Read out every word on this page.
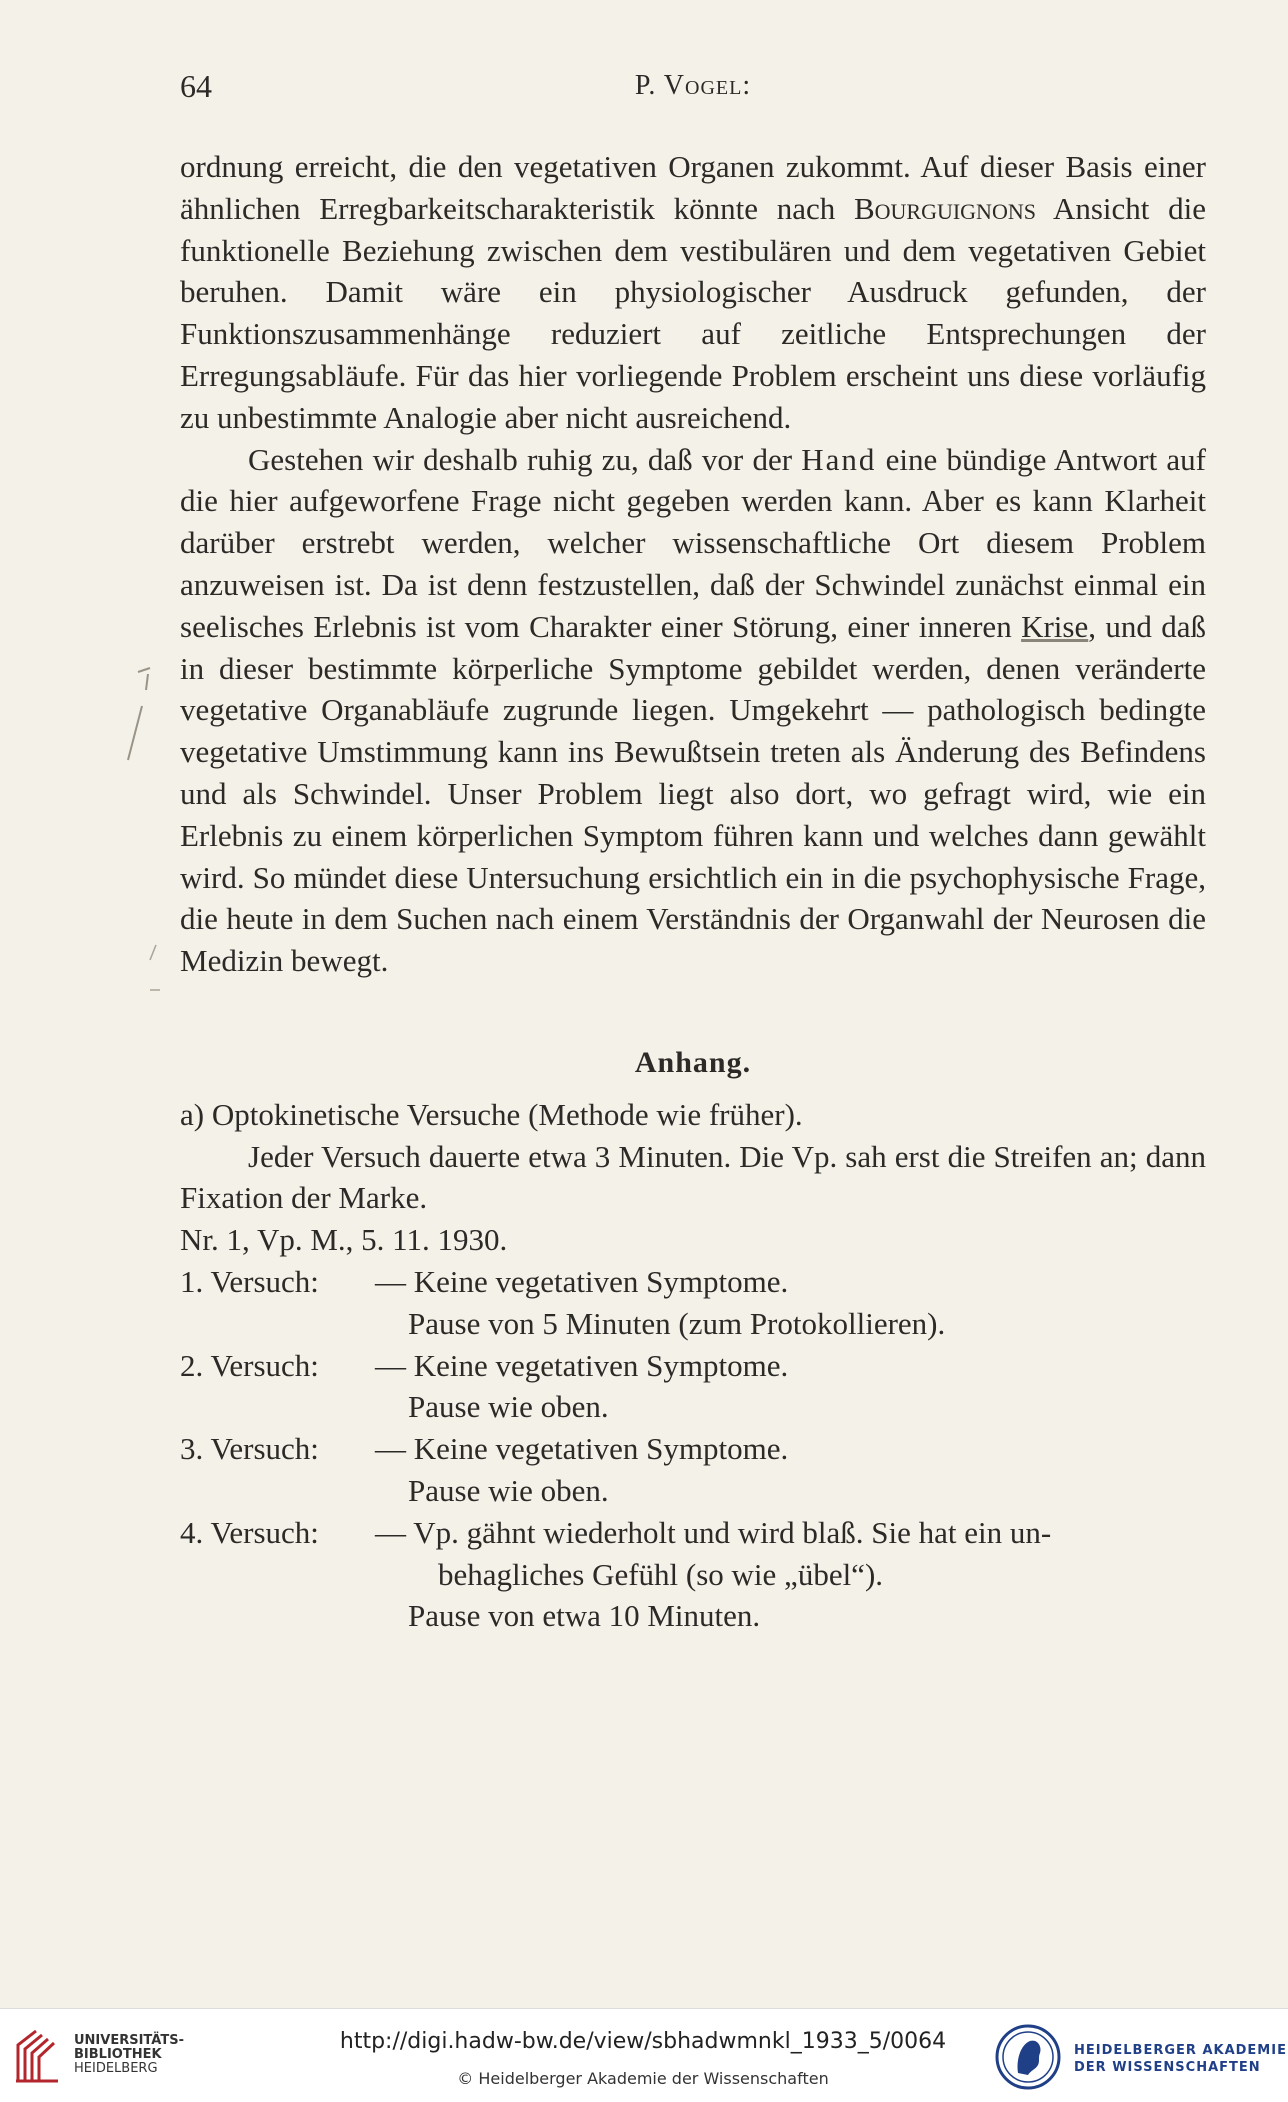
64	P. Vogel:

ordnung erreicht, die den vegetativen Organen zukommt. Auf dieser Basis einer ähnlichen Erregbarkeitscharakteristik könnte nach Bourguignons Ansicht die funktionelle Beziehung zwischen dem vestibulären und dem vegetativen Gebiet beruhen. Damit wäre ein physiologischer Ausdruck gefunden, der Funktionszusammenhänge reduziert auf zeitliche Entsprechungen der Erregungsabläufe. Für das hier vorliegende Problem erscheint uns diese vorläufig zu unbestimmte Analogie aber nicht ausreichend.

Gestehen wir deshalb ruhig zu, daß vor der Hand eine bündige Antwort auf die hier aufgeworfene Frage nicht gegeben werden kann. Aber es kann Klarheit darüber erstrebt werden, welcher wissenschaftliche Ort diesem Problem anzuweisen ist. Da ist denn festzustellen, daß der Schwindel zunächst einmal ein seelisches Erlebnis ist vom Charakter einer Störung, einer inneren Krise, und daß in dieser bestimmte körperliche Symptome gebildet werden, denen veränderte vegetative Organabläufe zugrunde liegen. Umgekehrt — pathologisch bedingte vegetative Umstimmung kann ins Bewußtsein treten als Änderung des Befindens und als Schwindel. Unser Problem liegt also dort, wo gefragt wird, wie ein Erlebnis zu einem körperlichen Symptom führen kann und welches dann gewählt wird. So mündet diese Untersuchung ersichtlich ein in die psychophysische Frage, die heute in dem Suchen nach einem Verständnis der Organwahl der Neurosen die Medizin bewegt.

Anhang.

a) Optokinetische Versuche (Methode wie früher).

Jeder Versuch dauerte etwa 3 Minuten. Die Vp. sah erst die Streifen an; dann Fixation der Marke.

Nr. 1, Vp. M., 5. 11. 1930.

1. Versuch:	— Keine vegetativen Symptome.
Pause von 5 Minuten (zum Protokollieren).
2. Versuch:	— Keine vegetativen Symptome.
Pause wie oben.
3. Versuch:	— Keine vegetativen Symptome.
Pause wie oben.
4. Versuch:	— Vp. gähnt wiederholt und wird blaß. Sie hat ein un-
behagliches Gefühl (so wie „übel“).
Pause von etwa 10 Minuten.
UNIVERSITÄTS-
BIBLIOTHEK
HEIDELBERG
http://digi.hadw-bw.de/view/sbhadwmnkl_1933_5/0064
© Heidelberger Akademie der Wissenschaften
HEIDELBERGER AKADEMIE
DER WISSENSCHAFTEN
